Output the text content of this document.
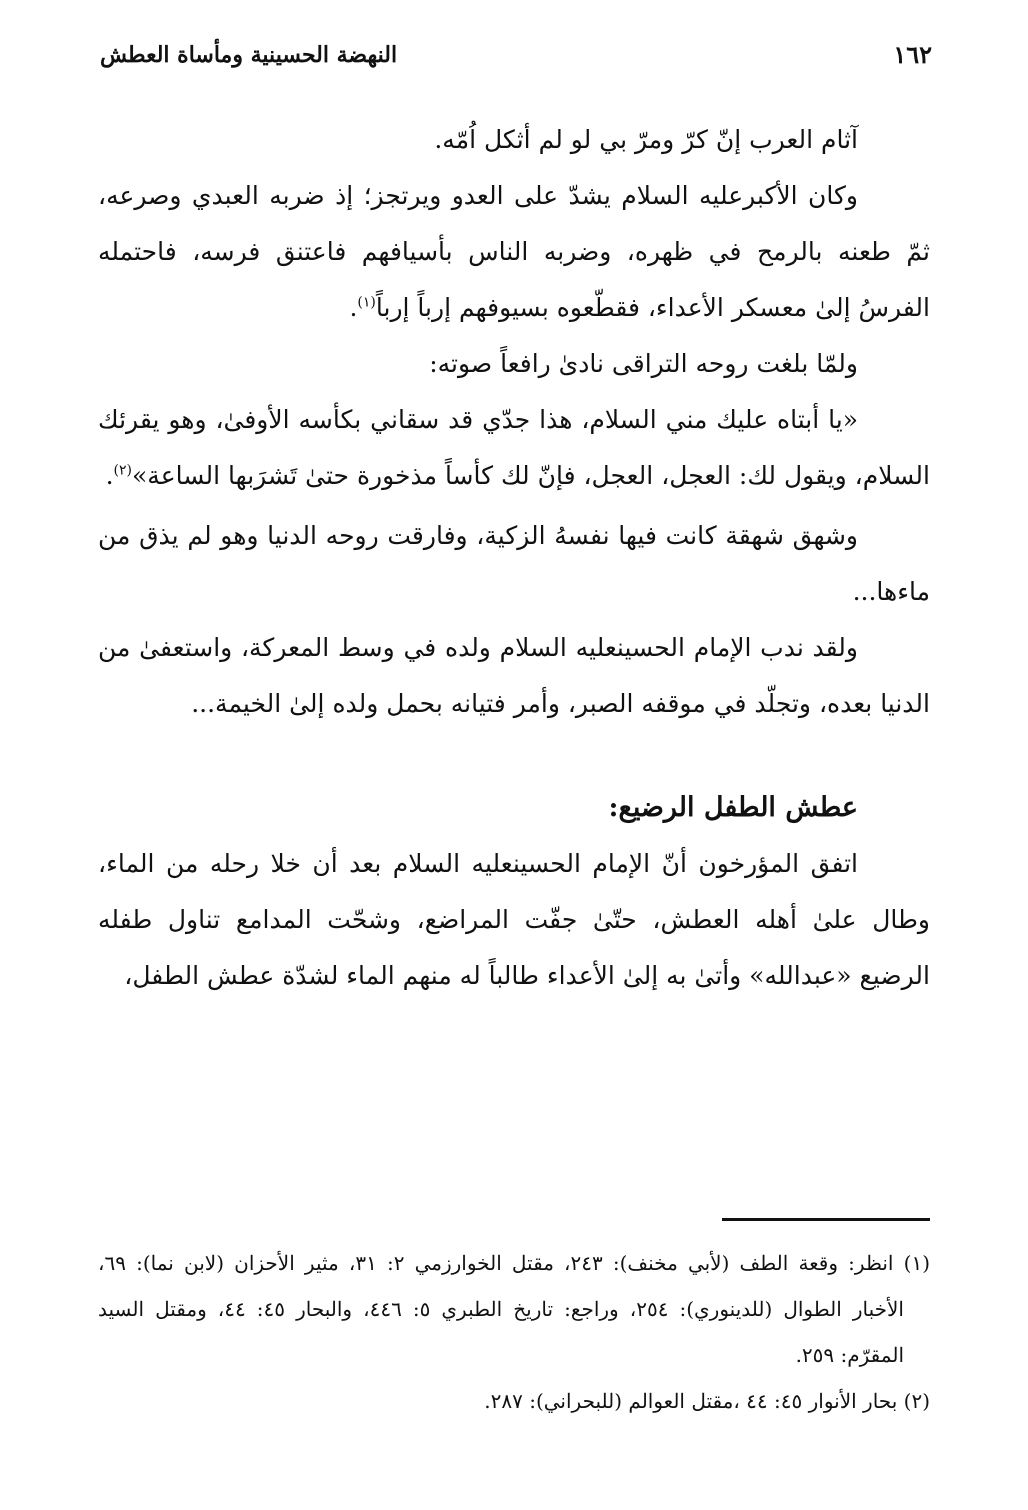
١٦٢
النهضة الحسينية ومأساة العطش

آثام العرب إنّ كرّ ومرّ بي لو لم أثكل اُمّه.

وكان الأكبرعليه السلام يشدّ على العدو ويرتجز؛ إذ ضربه العبدي وصرعه، ثمّ طعنه بالرمح في ظهره، وضربه الناس بأسيافهم فاعتنق فرسه، فاحتمله الفرسُ إلىٰ معسكر الأعداء، فقطّعوه بسيوفهم إرباً إرباً$^{(١)}$.

ولمّا بلغت روحه التراقى نادىٰ رافعاً صوته:

«يا أبتاه عليك مني السلام، هذا جدّي قد سقاني بكأسه الأوفىٰ، وهو يقرئك السلام، ويقول لك: العجل، العجل، فإنّ لك كأساً مذخورة حتىٰ تَشرَبها الساعة»$^{(٢)}$.

وشهق شهقة كانت فيها نفسهُ الزكية، وفارقت روحه الدنيا وهو لم يذق من ماءها...

ولقد ندب الإمام الحسينعليه السلام ولده في وسط المعركة، واستعفىٰ من الدنيا بعده، وتجلّد في موقفه الصبر، وأمر فتيانه بحمل ولده إلىٰ الخيمة...

عطش الطفل الرضيع:

اتفق المؤرخون أنّ الإمام الحسينعليه السلام بعد أن خلا رحله من الماء، وطال علىٰ أهله العطش، حتّىٰ جفّت المراضع، وشحّت المدامع تناول طفله الرضيع «عبدالله» وأتىٰ به إلىٰ الأعداء طالباً له منهم الماء لشدّة عطش الطفل،

(١) انظر: وقعة الطف (لأبي مخنف): ٢٤٣، مقتل الخوارزمي ٢: ٣١، مثير الأحزان (لابن نما): ٦٩، الأخبار الطوال (للدينوري): ٢٥٤، وراجع: تاريخ الطبري ٥: ٤٤٦، والبحار ٤٥: ٤٤، ومقتل السيد المقرّم: ٢٥٩.

(٢) بحار الأنوار ٤٥: ٤٤ ،مقتل العوالم (للبحراني): ٢٨٧.
